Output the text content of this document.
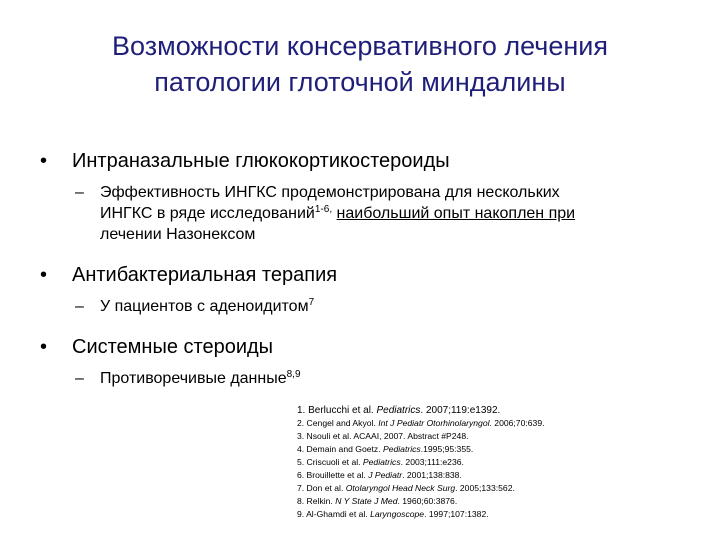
Возможности консервативного лечения
патологии глоточной миндалины
• Интраназальные глюкокортикостероиды
– Эффективность ИНГКС продемонстрирована для нескольких
ИНГКС в ряде исследований$^{1-6,}$ наибольший опыт накоплен при
лечении Назонексом
• Антибактериальная терапия
– У пациентов с аденоидитом$^7$
• Системные стероиды
– Противоречивые данные$^{8,9}$
1. Berlucchi et al. Pediatrics. 2007;119:e1392.
2. Cengel and Akyol. Int J Pediatr Otorhinolaryngol. 2006;70:639.
3. Nsouli et al. ACAAI, 2007. Abstract #P248.
4. Demain and Goetz. Pediatrics.1995;95:355.
5. Criscuoli et al. Pediatrics. 2003;111:e236.
6. Brouillette et al. J Pediatr. 2001;138:838.
7. Don et al. Otolaryngol Head Neck Surg. 2005;133:562.
8. Relkin. N Y State J Med. 1960;60:3876.
9. Al-Ghamdi et al. Laryngoscope. 1997;107:1382.
